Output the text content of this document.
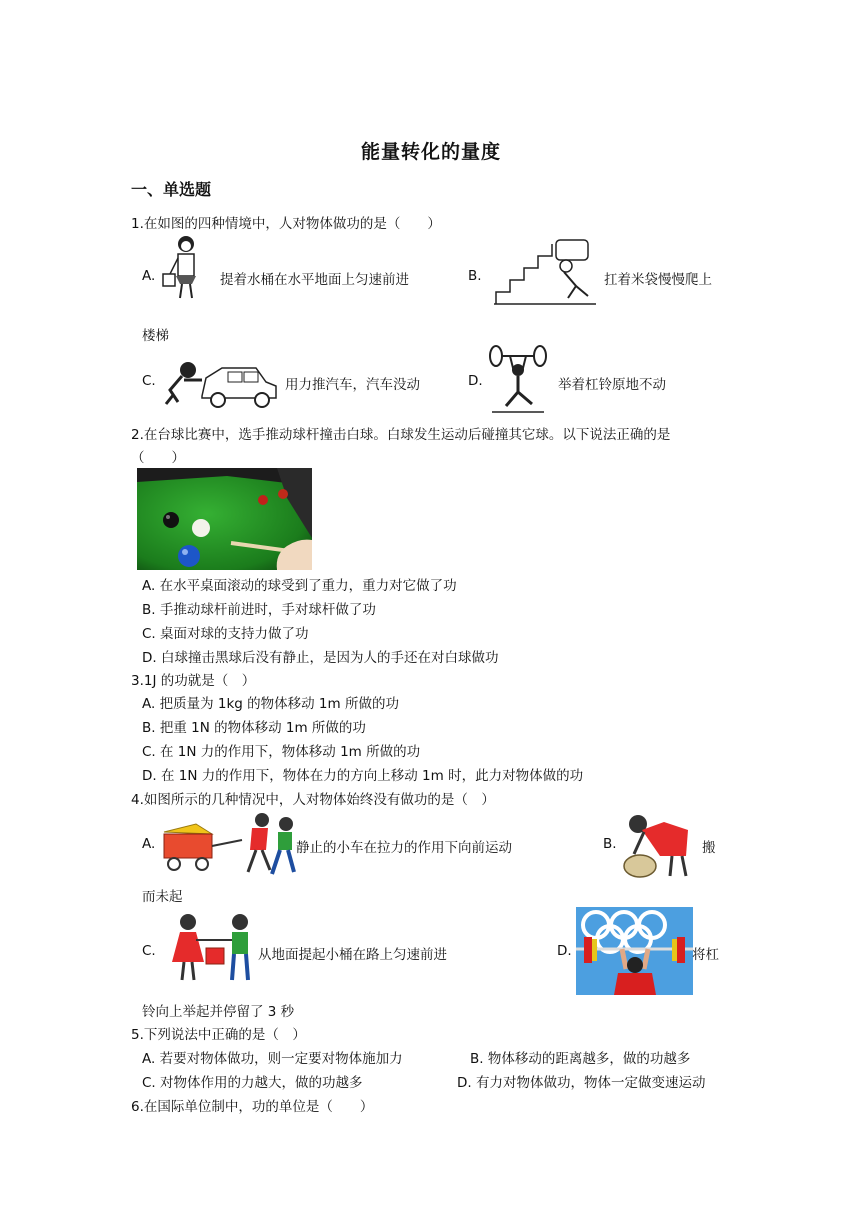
能量转化的量度
一、单选题
1.在如图的四种情境中，人对物体做功的是（　　）
A.	提着水桶在水平地面上匀速前进	B.	扛着米袋慢慢爬上
楼梯
C.	用力推汽车，汽车没动	D.	举着杠铃原地不动
2.在台球比赛中，选手推动球杆撞击白球。白球发生运动后碰撞其它球。以下说法正确的是
（　　）
A. 在水平桌面滚动的球受到了重力，重力对它做了功
B. 手推动球杆前进时，手对球杆做了功
C. 桌面对球的支持力做了功
D. 白球撞击黑球后没有静止，是因为人的手还在对白球做功
3.1J 的功就是（　）
A. 把质量为 1kg 的物体移动 1m 所做的功
B. 把重 1N 的物体移动 1m 所做的功
C. 在 1N 力的作用下，物体移动 1m 所做的功
D. 在 1N 力的作用下，物体在力的方向上移动 1m 时，此力对物体做的功
4.如图所示的几种情况中，人对物体始终没有做功的是（　）
A.	静止的小车在拉力的作用下向前运动	B.	搬
而未起
C.	从地面提起小桶在路上匀速前进	D.	将杠
铃向上举起并停留了 3 秒
5.下列说法中正确的是（　）
A. 若要对物体做功，则一定要对物体施加力	B. 物体移动的距离越多，做的功越多
C. 对物体作用的力越大，做的功越多	D. 有力对物体做功，物体一定做变速运动
6.在国际单位制中，功的单位是（　　）
